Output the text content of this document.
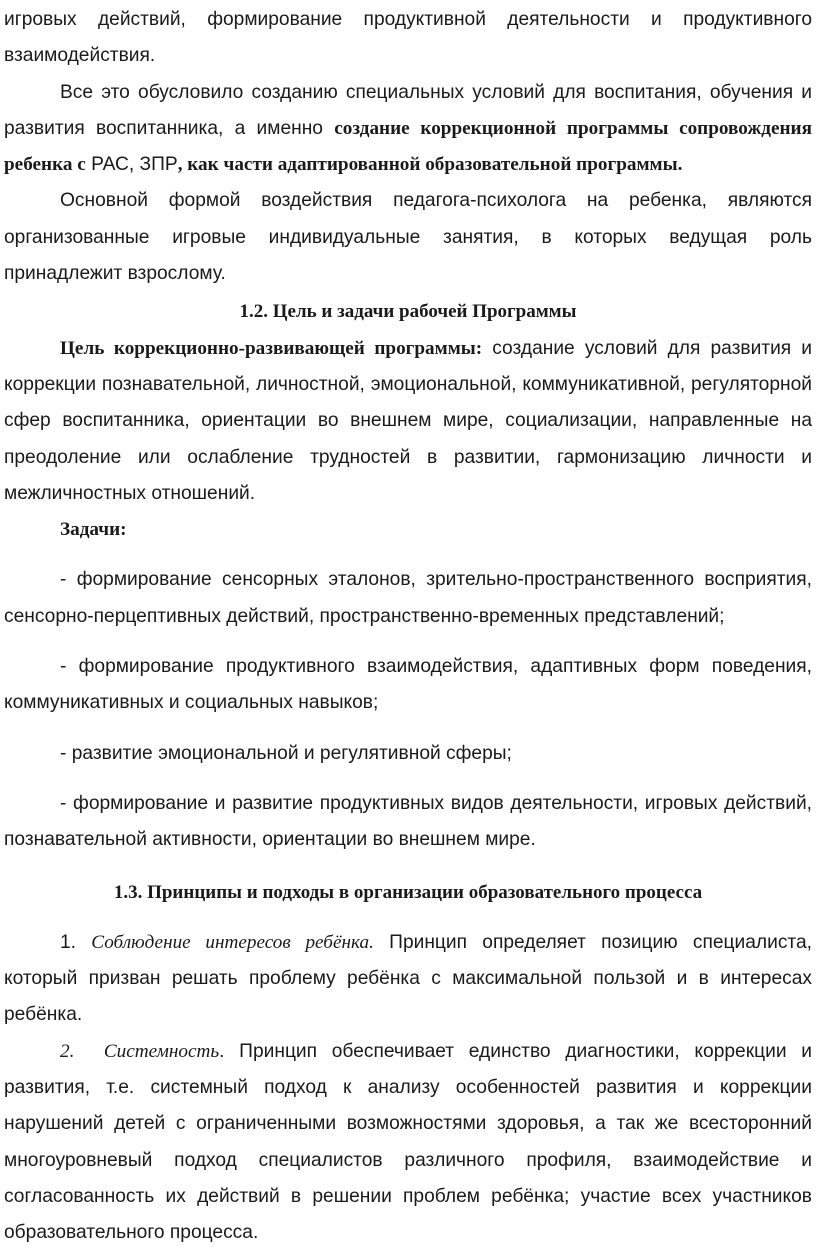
игровых действий, формирование продуктивной деятельности и продуктивного взаимодействия.

Все это обусловило созданию специальных условий для воспитания, обучения и развития воспитанника, а именно создание коррекционной программы сопровождения ребенка с РАС, ЗПР, как части адаптированной образовательной программы.

Основной формой воздействия педагога-психолога на ребенка, являются организованные игровые индивидуальные занятия, в которых ведущая роль принадлежит взрослому.

1.2. Цель и задачи рабочей Программы

Цель коррекционно-развивающей программы: создание условий для развития и коррекции познавательной, личностной, эмоциональной, коммуникативной, регуляторной сфер воспитанника, ориентации во внешнем мире, социализации, направленные на преодоление или ослабление трудностей в развитии, гармонизацию личности и межличностных отношений.

Задачи:

- формирование сенсорных эталонов, зрительно-пространственного восприятия, сенсорно-перцептивных действий, пространственно-временных представлений;

- формирование продуктивного взаимодействия, адаптивных форм поведения, коммуникативных и социальных навыков;

- развитие эмоциональной и регулятивной сферы;

- формирование и развитие продуктивных видов деятельности, игровых действий, познавательной активности, ориентации во внешнем мире.

1.3. Принципы и подходы в организации образовательного процесса

1. Соблюдение интересов ребёнка. Принцип определяет позицию специалиста, который призван решать проблему ребёнка с максимальной пользой и в интересах ребёнка.

2. Системность. Принцип обеспечивает единство диагностики, коррекции и развития, т.е. системный подход к анализу особенностей развития и коррекции нарушений детей с ограниченными возможностями здоровья, а так же всесторонний многоуровневый подход специалистов различного профиля, взаимодействие и согласованность их действий в решении проблем ребёнка; участие всех участников образовательного процесса.
